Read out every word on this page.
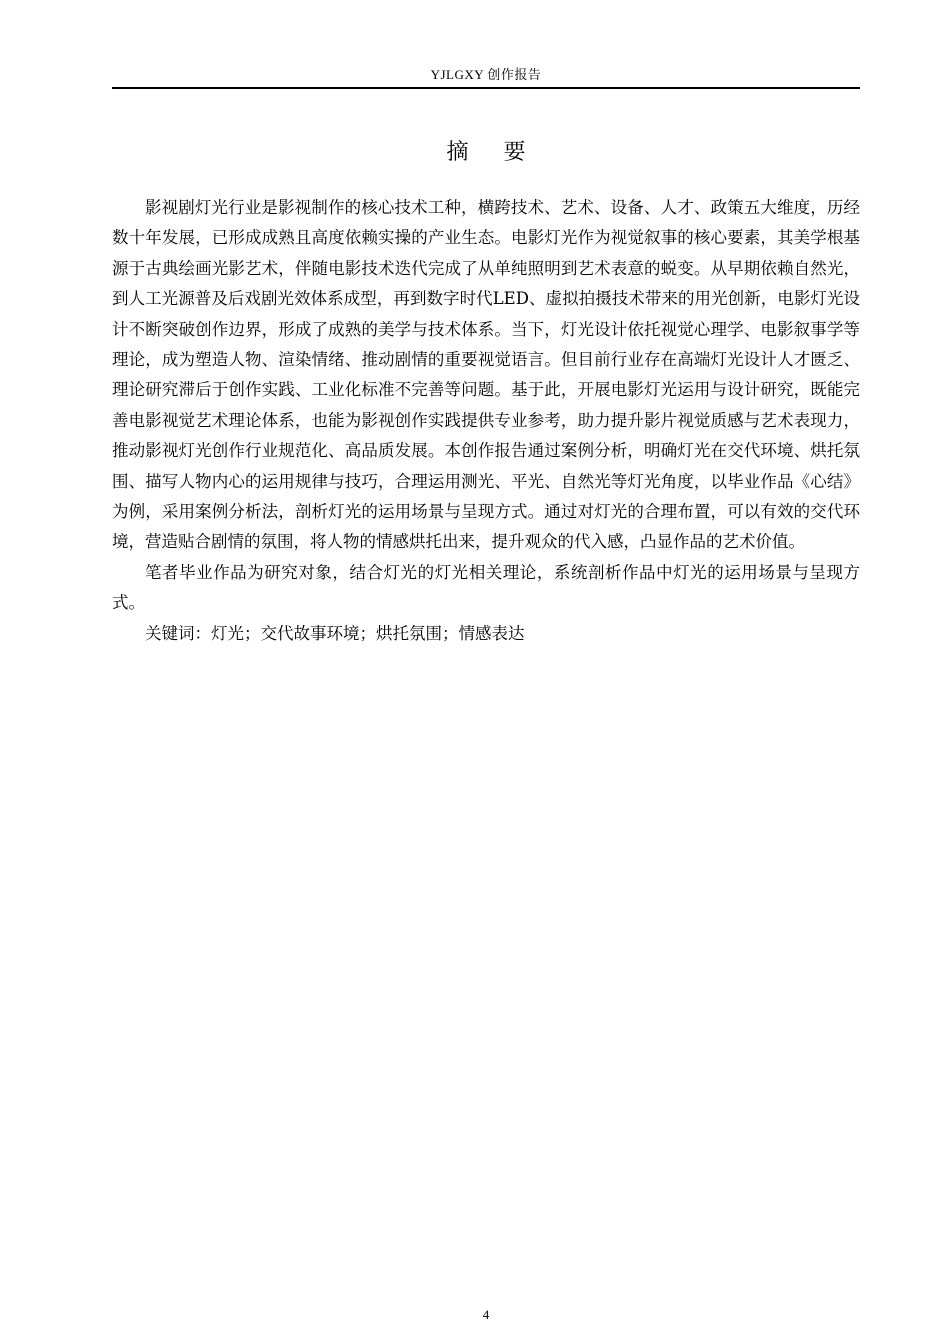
YJLGXY 创作报告
摘 要

影视剧灯光行业是影视制作的核心技术工种，横跨技术、艺术、设备、人才、政策五大维度，历经数十年发展，已形成成熟且高度依赖实操的产业生态。电影灯光作为视觉叙事的核心要素，其美学根基源于古典绘画光影艺术，伴随电影技术迭代完成了从单纯照明到艺术表意的蜕变。从早期依赖自然光，到人工光源普及后戏剧光效体系成型，再到数字时代LED、虚拟拍摄技术带来的用光创新，电影灯光设计不断突破创作边界，形成了成熟的美学与技术体系。当下，灯光设计依托视觉心理学、电影叙事学等理论，成为塑造人物、渲染情绪、推动剧情的重要视觉语言。但目前行业存在高端灯光设计人才匮乏、理论研究滞后于创作实践、工业化标准不完善等问题。基于此，开展电影灯光运用与设计研究，既能完善电影视觉艺术理论体系，也能为影视创作实践提供专业参考，助力提升影片视觉质感与艺术表现力，推动影视灯光创作行业规范化、高品质发展。本创作报告通过案例分析，明确灯光在交代环境、烘托氛围、描写人物内心的运用规律与技巧，合理运用测光、平光、自然光等灯光角度，以毕业作品《心结》为例，采用案例分析法，剖析灯光的运用场景与呈现方式。通过对灯光的合理布置，可以有效的交代环境，营造贴合剧情的氛围，将人物的情感烘托出来，提升观众的代入感，凸显作品的艺术价值。

笔者毕业作品为研究对象，结合灯光的灯光相关理论，系统剖析作品中灯光的运用场景与呈现方式。

关键词：灯光；交代故事环境；烘托氛围；情感表达

4
